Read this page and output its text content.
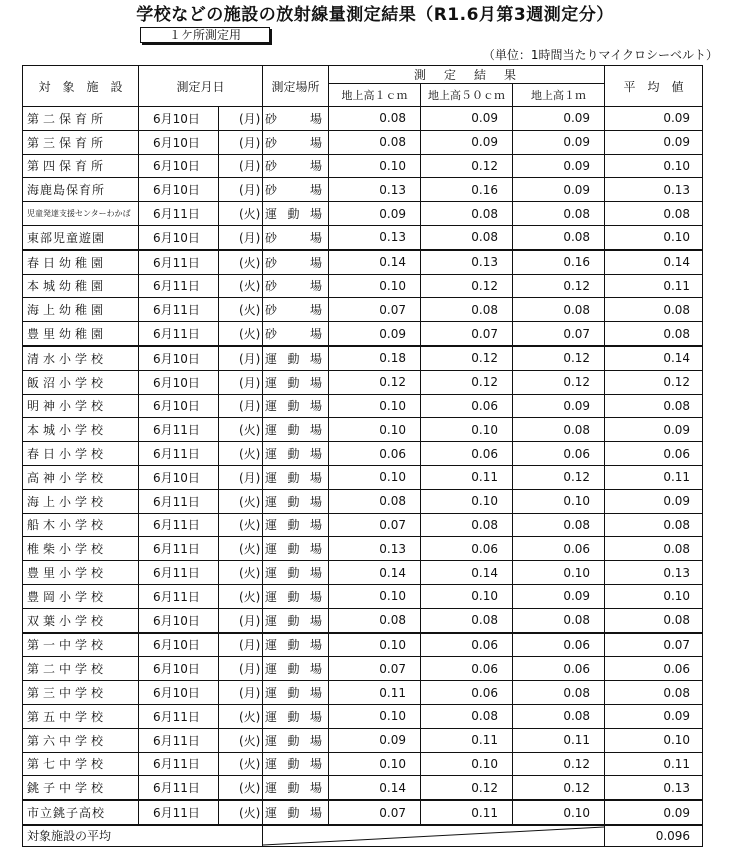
学校などの施設の放射線量測定結果（R1.6月第3週測定分）
１ケ所測定用
（単位：1時間当たりマイクロシーベルト）
対　象　施　設	測定月日		測定場所	測　定　結　果			平　均　値
				地上高１ｃｍ	地上高５０ｃｍ	地上高１ｍ	
第二保育所	6月10日	(月)	砂場	0.08	0.09	0.09	0.09
第三保育所	6月10日	(月)	砂場	0.08	0.09	0.09	0.09
第四保育所	6月10日	(月)	砂場	0.10	0.12	0.09	0.10
海鹿島保育所	6月10日	(月)	砂場	0.13	0.16	0.09	0.13
児童発達支援センターわかば	6月11日	(火)	運動場	0.09	0.08	0.08	0.08
東部児童遊園	6月10日	(月)	砂場	0.13	0.08	0.08	0.10
春日幼稚園	6月11日	(火)	砂場	0.14	0.13	0.16	0.14
本城幼稚園	6月11日	(火)	砂場	0.10	0.12	0.12	0.11
海上幼稚園	6月11日	(火)	砂場	0.07	0.08	0.08	0.08
豊里幼稚園	6月11日	(火)	砂場	0.09	0.07	0.07	0.08
清水小学校	6月10日	(月)	運動場	0.18	0.12	0.12	0.14
飯沼小学校	6月10日	(月)	運動場	0.12	0.12	0.12	0.12
明神小学校	6月10日	(月)	運動場	0.10	0.06	0.09	0.08
本城小学校	6月11日	(火)	運動場	0.10	0.10	0.08	0.09
春日小学校	6月11日	(火)	運動場	0.06	0.06	0.06	0.06
高神小学校	6月10日	(月)	運動場	0.10	0.11	0.12	0.11
海上小学校	6月11日	(火)	運動場	0.08	0.10	0.10	0.09
船木小学校	6月11日	(火)	運動場	0.07	0.08	0.08	0.08
椎柴小学校	6月11日	(火)	運動場	0.13	0.06	0.06	0.08
豊里小学校	6月11日	(火)	運動場	0.14	0.14	0.10	0.13
豊岡小学校	6月11日	(火)	運動場	0.10	0.10	0.09	0.10
双葉小学校	6月10日	(月)	運動場	0.08	0.08	0.08	0.08
第一中学校	6月10日	(月)	運動場	0.10	0.06	0.06	0.07
第二中学校	6月10日	(月)	運動場	0.07	0.06	0.06	0.06
第三中学校	6月10日	(月)	運動場	0.11	0.06	0.08	0.08
第五中学校	6月11日	(火)	運動場	0.10	0.08	0.08	0.09
第六中学校	6月11日	(火)	運動場	0.09	0.11	0.11	0.10
第七中学校	6月11日	(火)	運動場	0.10	0.10	0.12	0.11
銚子中学校	6月11日	(火)	運動場	0.14	0.12	0.12	0.13
市立銚子高校	6月11日	(火)	運動場	0.07	0.11	0.10	0.09
対象施設の平均							0.096
